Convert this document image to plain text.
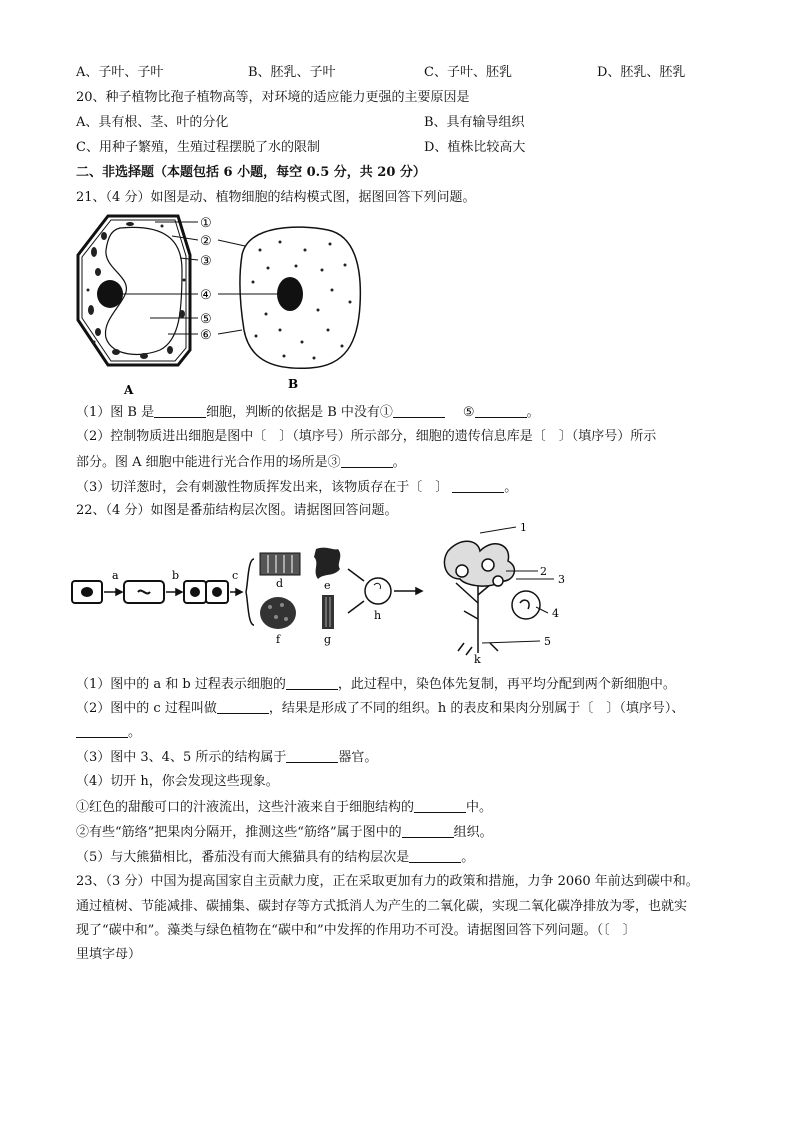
A、子叶、子叶	B、胚乳、子叶	C、子叶、胚乳	D、胚乳、胚乳
20、种子植物比孢子植物高等，对环境的适应能力更强的主要原因是
A、具有根、茎、叶的分化	B、具有输导组织
C、用种子繁殖，生殖过程摆脱了水的限制	D、植株比较高大
二、非选择题（本题包括 6 小题，每空 0.5 分，共 20 分）
21、（4 分）如图是动、植物细胞的结构模式图，据图回答下列问题。
①
②
③
④
⑤
⑥
A	B
（1）图 B 是	细胞，判断的依据是 B 中没有①	⑤	。
（2）控制物质进出细胞是图中〔　〕（填序号）所示部分，细胞的遗传信息库是〔　〕（填序号）所示
部分。图 A 细胞中能进行光合作用的场所是③	。
（3）切洋葱时，会有刺激性物质挥发出来，该物质存在于〔　〕	。
22、（4 分）如图是番茄结构层次图。请据图回答问题。
a	b	c
d	e
f	g
h
k
1
2
3
4
5
（1）图中的 a 和 b 过程表示细胞的	，此过程中，染色体先复制，再平均分配到两个新细胞中。
（2）图中的 c 过程叫做	，结果是形成了不同的组织。h 的表皮和果肉分别属于〔　〕（填序号）、
。
（3）图中 3、4、5 所示的结构属于	器官。
（4）切开 h，你会发现这些现象。
①红色的甜酸可口的汁液流出，这些汁液来自于细胞结构的	中。
②有些“筋络”把果肉分隔开，推测这些“筋络”属于图中的	组织。
（5）与大熊猫相比，番茄没有而大熊猫具有的结构层次是	。
23、（3 分）中国为提高国家自主贡献力度，正在采取更加有力的政策和措施，力争 2060 年前达到碳中和。
通过植树、节能减排、碳捕集、碳封存等方式抵消人为产生的二氧化碳，实现二氧化碳净排放为零，也就实
现了“碳中和”。藻类与绿色植物在“碳中和”中发挥的作用功不可没。请据图回答下列问题。（〔　〕
里填字母）
